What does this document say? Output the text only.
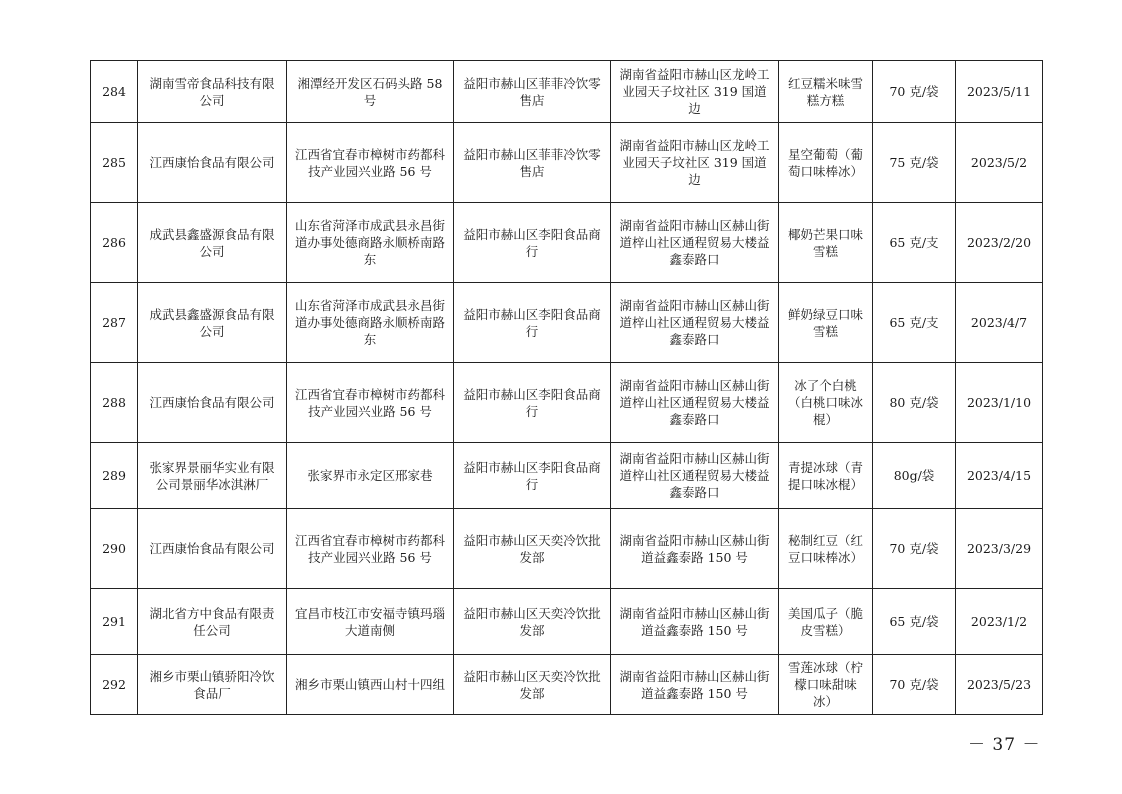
284	湖南雪帝食品科技有限公司	湘潭经开发区石码头路 58 号	益阳市赫山区菲菲冷饮零售店	湖南省益阳市赫山区龙岭工业园天子坟社区 319 国道边	红豆糯米味雪糕方糕	70 克/袋	2023/5/11
285	江西康怡食品有限公司	江西省宜春市樟树市药都科技产业园兴业路 56 号	益阳市赫山区菲菲冷饮零售店	湖南省益阳市赫山区龙岭工业园天子坟社区 319 国道边	星空葡萄（葡萄口味棒冰）	75 克/袋	2023/5/2
286	成武县鑫盛源食品有限公司	山东省菏泽市成武县永昌街道办事处德商路永顺桥南路东	益阳市赫山区李阳食品商行	湖南省益阳市赫山区赫山街道梓山社区通程贸易大楼益鑫泰路口	椰奶芒果口味雪糕	65 克/支	2023/2/20
287	成武县鑫盛源食品有限公司	山东省菏泽市成武县永昌街道办事处德商路永顺桥南路东	益阳市赫山区李阳食品商行	湖南省益阳市赫山区赫山街道梓山社区通程贸易大楼益鑫泰路口	鲜奶绿豆口味雪糕	65 克/支	2023/4/7
288	江西康怡食品有限公司	江西省宜春市樟树市药都科技产业园兴业路 56 号	益阳市赫山区李阳食品商行	湖南省益阳市赫山区赫山街道梓山社区通程贸易大楼益鑫泰路口	冰了个白桃（白桃口味冰棍）	80 克/袋	2023/1/10
289	张家界景丽华实业有限公司景丽华冰淇淋厂	张家界市永定区邢家巷	益阳市赫山区李阳食品商行	湖南省益阳市赫山区赫山街道梓山社区通程贸易大楼益鑫泰路口	青提冰球（青提口味冰棍）	80g/袋	2023/4/15
290	江西康怡食品有限公司	江西省宜春市樟树市药都科技产业园兴业路 56 号	益阳市赫山区天奕冷饮批发部	湖南省益阳市赫山区赫山街道益鑫泰路 150 号	秘制红豆（红豆口味棒冰）	70 克/袋	2023/3/29
291	湖北省方中食品有限责任公司	宜昌市枝江市安福寺镇玛瑙大道南侧	益阳市赫山区天奕冷饮批发部	湖南省益阳市赫山区赫山街道益鑫泰路 150 号	美国瓜子（脆皮雪糕）	65 克/袋	2023/1/2
292	湘乡市栗山镇骄阳冷饮食品厂	湘乡市栗山镇西山村十四组	益阳市赫山区天奕冷饮批发部	湖南省益阳市赫山区赫山街道益鑫泰路 150 号	雪莲冰球（柠檬口味甜味冰）	70 克/袋	2023/5/23
－ 37 －
